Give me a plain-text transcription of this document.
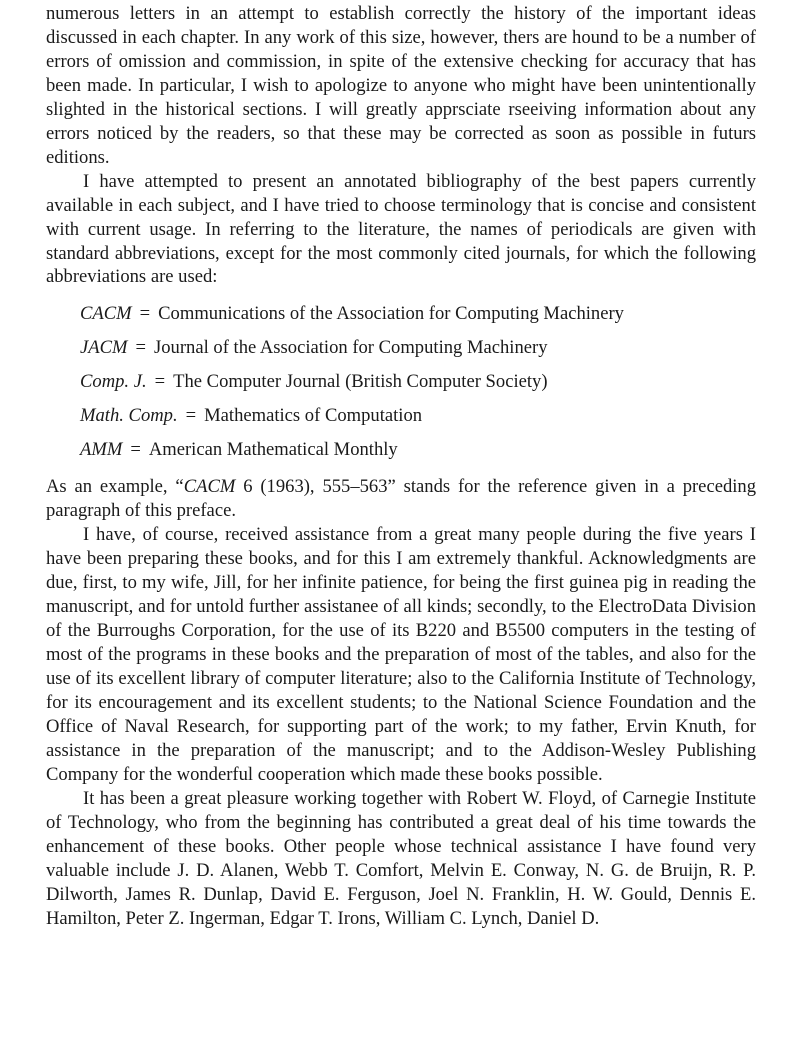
numerous letters in an attempt to establish correctly the history of the important ideas discussed in each chapter. In any work of this size, however, thers are hound to be a number of errors of omission and commission, in spite of the extensive checking for accuracy that has been made. In particular, I wish to apologize to anyone who might have been unintentionally slighted in the historical sections. I will greatly apprsciate rseeiving information about any errors noticed by the readers, so that these may be corrected as soon as possible in futurs editions.

I have attempted to present an annotated bibliography of the best papers currently available in each subject, and I have tried to choose terminology that is concise and consistent with current usage. In referring to the literature, the names of periodicals are given with standard abbreviations, except for the most commonly cited journals, for which the following abbreviations are used:

CACM = Communications of the Association for Computing Machinery
JACM = Journal of the Association for Computing Machinery
Comp. J. = The Computer Journal (British Computer Society)
Math. Comp. = Mathematics of Computation
AMM = American Mathematical Monthly

As an example, “CACM 6 (1963), 555–563” stands for the reference given in a preceding paragraph of this preface.

I have, of course, received assistance from a great many people during the five years I have been preparing these books, and for this I am extremely thankful. Acknowledgments are due, first, to my wife, Jill, for her infinite patience, for being the first guinea pig in reading the manuscript, and for untold further assistanee of all kinds; secondly, to the ElectroData Division of the Burroughs Corporation, for the use of its B220 and B5500 computers in the testing of most of the programs in these books and the preparation of most of the tables, and also for the use of its excellent library of computer literature; also to the California Institute of Technology, for its encouragement and its excellent students; to the National Science Foundation and the Office of Naval Research, for supporting part of the work; to my father, Ervin Knuth, for assistance in the preparation of the manuscript; and to the Addison-Wesley Publishing Company for the wonderful cooperation which made these books possible.

It has been a great pleasure working together with Robert W. Floyd, of Carnegie Institute of Technology, who from the beginning has contributed a great deal of his time towards the enhancement of these books. Other people whose technical assistance I have found very valuable include J. D. Alanen, Webb T. Comfort, Melvin E. Conway, N. G. de Bruijn, R. P. Dilworth, James R. Dunlap, David E. Ferguson, Joel N. Franklin, H. W. Gould, Dennis E. Hamilton, Peter Z. Ingerman, Edgar T. Irons, William C. Lynch, Daniel D.
